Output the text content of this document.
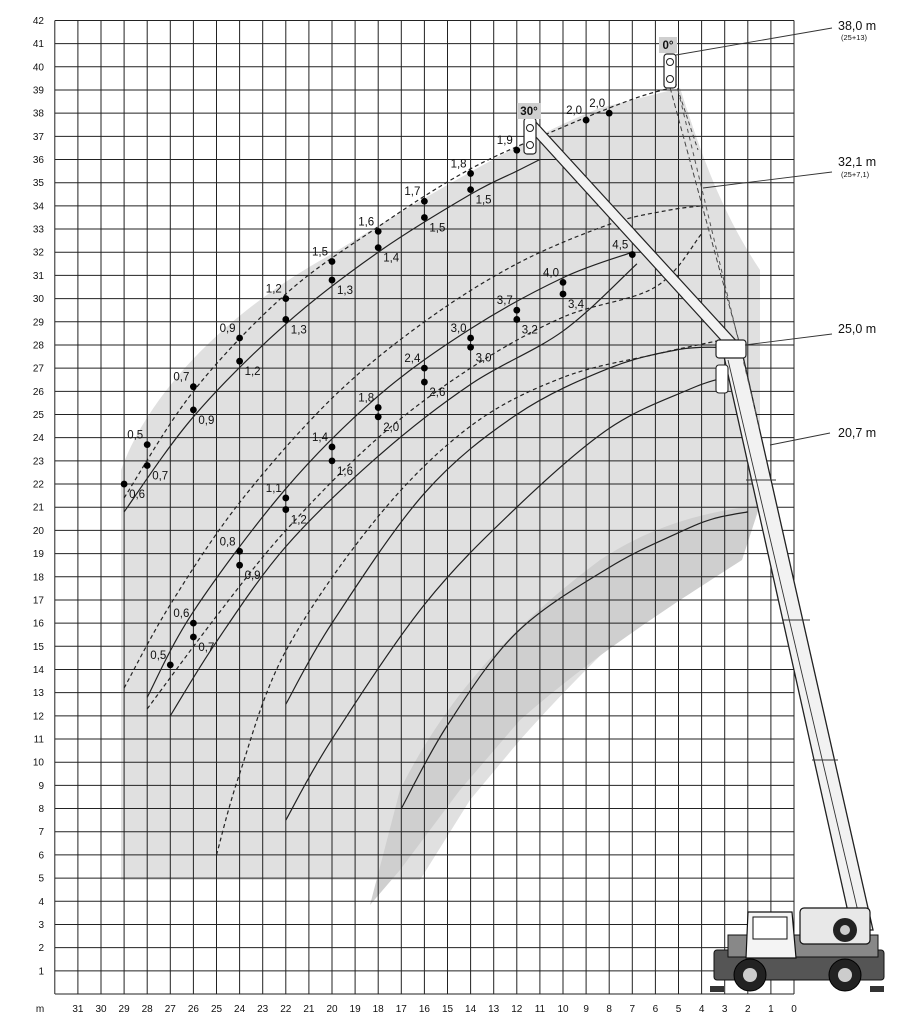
42
41
40
39
38
37
36
35
34
33
32
31
30
29
28
27
26
25
24
23
22
21
20
19
18
17
16
15
14
13
12
11
10
9
8
7
6
5
4
3
2
1
m	31 30 29 28 27 26 25 24 23 22 21 20 19 18 17 16 15 14 13 12 11 10 9 8 7 6 5 4 3 2 1 0
0,6
0,5
0,7
0,7
0,9
0,9
1,2
1,2
1,3
1,5
1,3
1,6
1,4
1,7
1,5
1,8
1,5
1,9
2,0
2,0
0,5
0,6
0,7
0,8
0,9
1,1
1,2
1,4
1,6
1,8
2,0
2,4
2,6
3,0
3,0
3,7
3,2
4,0
3,4
4,5
0°
30°
38,0 m
(25+13)
32,1 m
(25+7,1)
25,0 m
20,7 m
